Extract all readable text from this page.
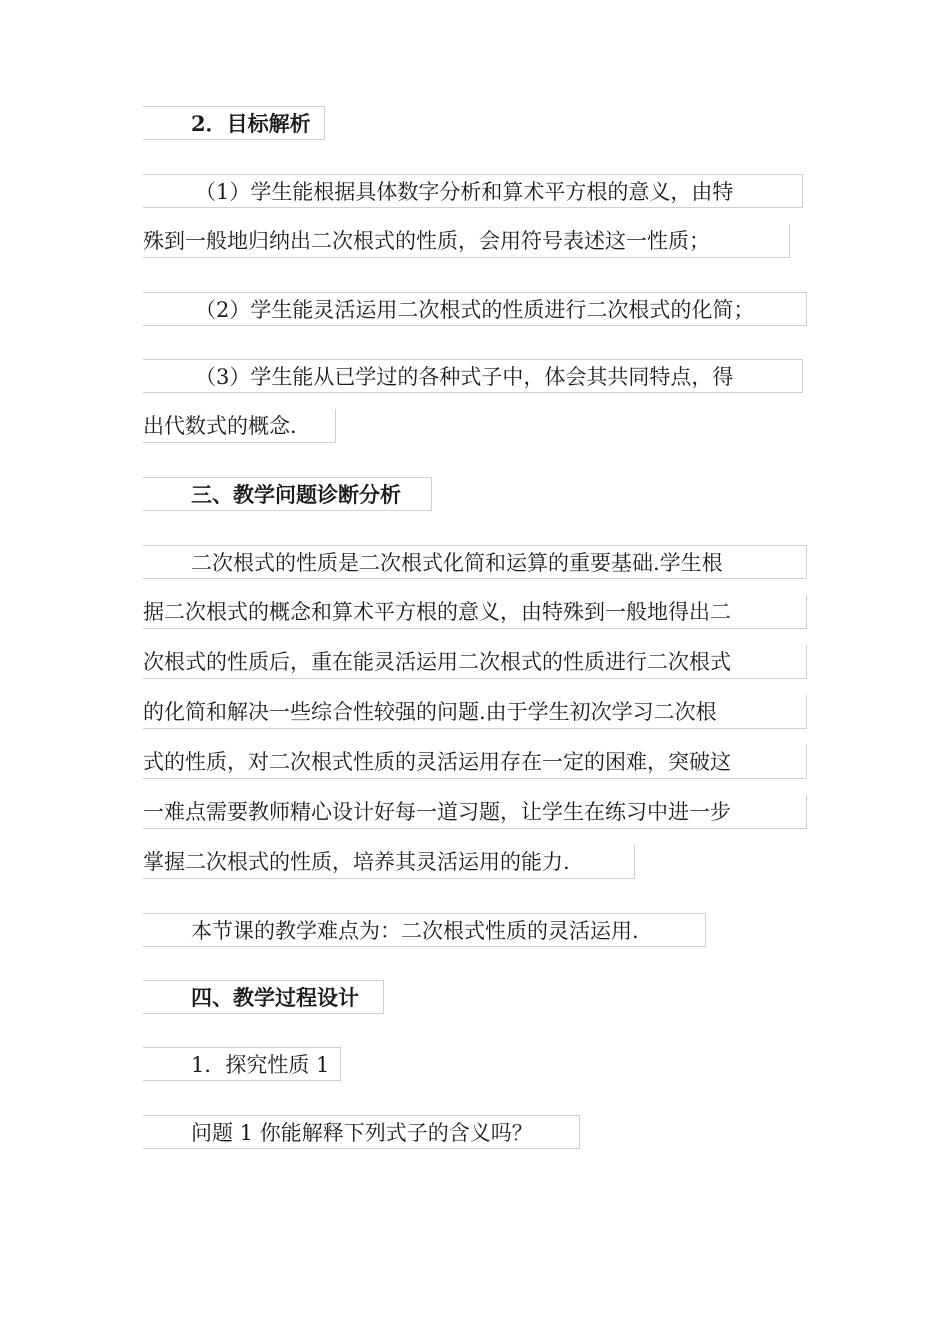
2．目标解析
（1）学生能根据具体数字分析和算术平方根的意义，由特
殊到一般地归纳出二次根式的性质，会用符号表述这一性质；
（2）学生能灵活运用二次根式的性质进行二次根式的化简；
（3）学生能从已学过的各种式子中，体会其共同特点，得
出代数式的概念.
三、教学问题诊断分析
二次根式的性质是二次根式化简和运算的重要基础.学生根
据二次根式的概念和算术平方根的意义，由特殊到一般地得出二
次根式的性质后，重在能灵活运用二次根式的性质进行二次根式
的化简和解决一些综合性较强的问题.由于学生初次学习二次根
式的性质，对二次根式性质的灵活运用存在一定的困难，突破这
一难点需要教师精心设计好每一道习题，让学生在练习中进一步
掌握二次根式的性质，培养其灵活运用的能力.
本节课的教学难点为：二次根式性质的灵活运用.
四、教学过程设计
1．探究性质 1
问题 1 你能解释下列式子的含义吗？
